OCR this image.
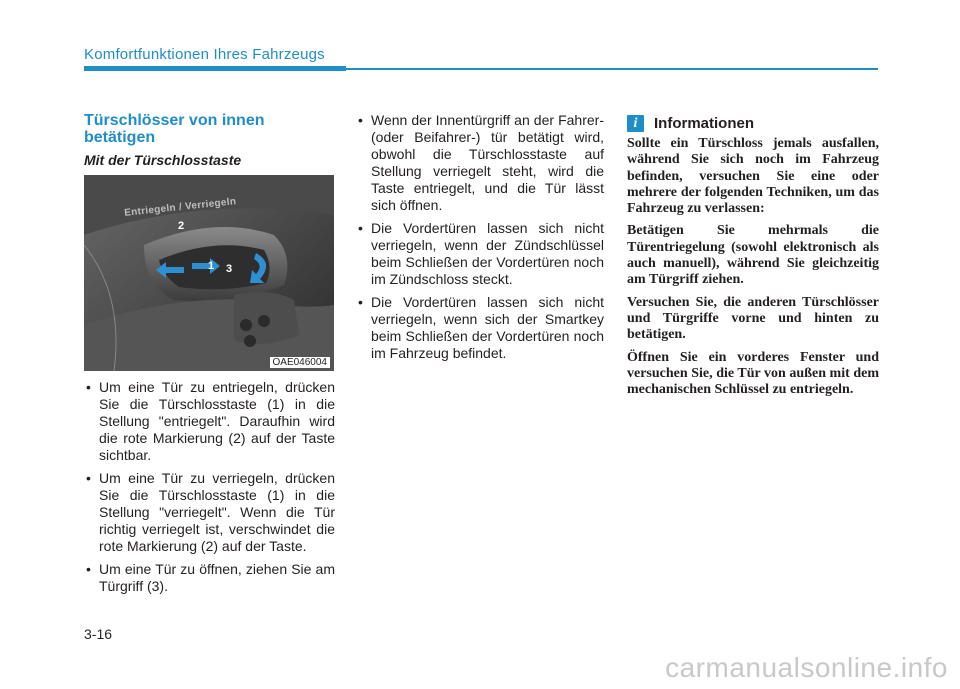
Komfortfunktionen Ihres Fahrzeugs
Türschlösser von innen betätigen
Mit der Türschlosstaste
Entriegeln / Verriegeln
1
2
3
OAE046004
• Um eine Tür zu entriegeln, drücken Sie die Türschlosstaste (1) in die Stellung "entriegelt". Daraufhin wird die rote Markierung (2) auf der Taste sichtbar.
• Um eine Tür zu verriegeln, drücken Sie die Türschlosstaste (1) in die Stellung "verriegelt". Wenn die Tür richtig verriegelt ist, verschwindet die rote Markierung (2) auf der Taste.
• Um eine Tür zu öffnen, ziehen Sie am Türgriff (3).
• Wenn der Innentürgriff an der Fahrer- (oder Beifahrer-) tür betätigt wird, obwohl die Türschlosstaste auf Stellung verriegelt steht, wird die Taste entriegelt, und die Tür lässt sich öffnen.
• Die Vordertüren lassen sich nicht verriegeln, wenn der Zündschlüssel beim Schließen der Vordertüren noch im Zündschloss steckt.
• Die Vordertüren lassen sich nicht verriegeln, wenn sich der Smartkey beim Schließen der Vordertüren noch im Fahrzeug befindet.
i	Informationen

Sollte ein Türschloss jemals ausfallen, während Sie sich noch im Fahrzeug befinden, versuchen Sie eine oder mehrere der folgenden Techniken, um das Fahrzeug zu verlassen:

Betätigen Sie mehrmals die Türentriegelung (sowohl elektronisch als auch manuell), während Sie gleichzeitig am Türgriff ziehen.

Versuchen Sie, die anderen Türschlösser und Türgriffe vorne und hinten zu betätigen.

Öffnen Sie ein vorderes Fenster und versuchen Sie, die Tür von außen mit dem mechanischen Schlüssel zu entriegeln.

3-16
carmanualsonline.info
